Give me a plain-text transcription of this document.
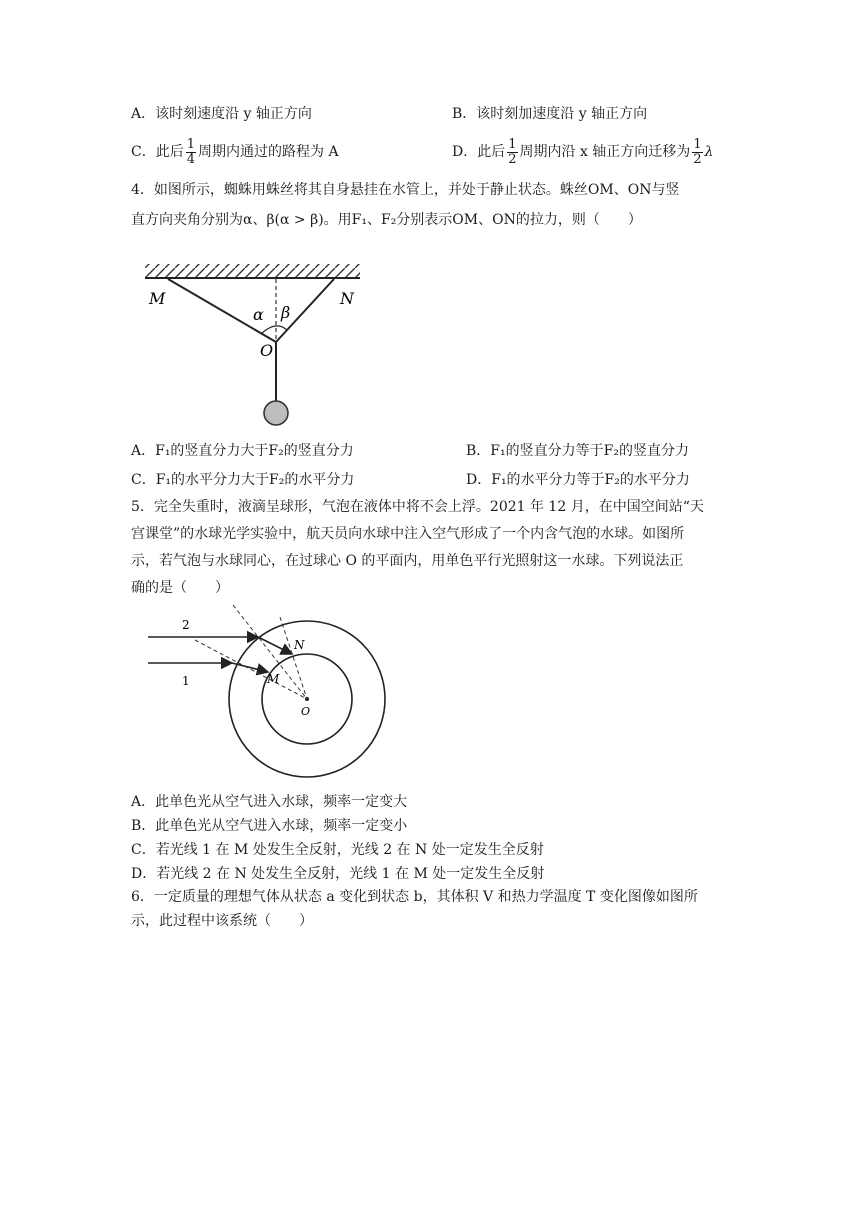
A．该时刻速度沿 y 轴正方向	B．该时刻加速度沿 y 轴正方向
C．此后 $\frac{1}{4}$ 周期内通过的路程为 A	D．此后 $\frac{1}{2}$ 周期内沿 x 轴正方向迁移为 $\frac{1}{2}$ λ
4．如图所示，蜘蛛用蛛丝将其自身悬挂在水管上，并处于静止状态。蛛丝OM、ON与竖
直方向夹角分别为α、β(α > β)。用F₁、F₂分别表示OM、ON的拉力，则（　　）
M	N
α β
O
A．F₁的竖直分力大于F₂的竖直分力	B．F₁的竖直分力等于F₂的竖直分力
C．F₁的水平分力大于F₂的水平分力	D．F₁的水平分力等于F₂的水平分力
5．完全失重时，液滴呈球形，气泡在液体中将不会上浮。2021 年 12 月，在中国空间站“天
宫课堂”的水球光学实验中，航天员向水球中注入空气形成了一个内含气泡的水球。如图所
示，若气泡与水球同心，在过球心 O 的平面内，用单色平行光照射这一水球。下列说法正
确的是（　　）
2
1
N
M
O
A．此单色光从空气进入水球，频率一定变大
B．此单色光从空气进入水球，频率一定变小
C．若光线 1 在 M 处发生全反射，光线 2 在 N 处一定发生全反射
D．若光线 2 在 N 处发生全反射，光线 1 在 M 处一定发生全反射
6．一定质量的理想气体从状态 a 变化到状态 b，其体积 V 和热力学温度 T 变化图像如图所
示，此过程中该系统（　　）
